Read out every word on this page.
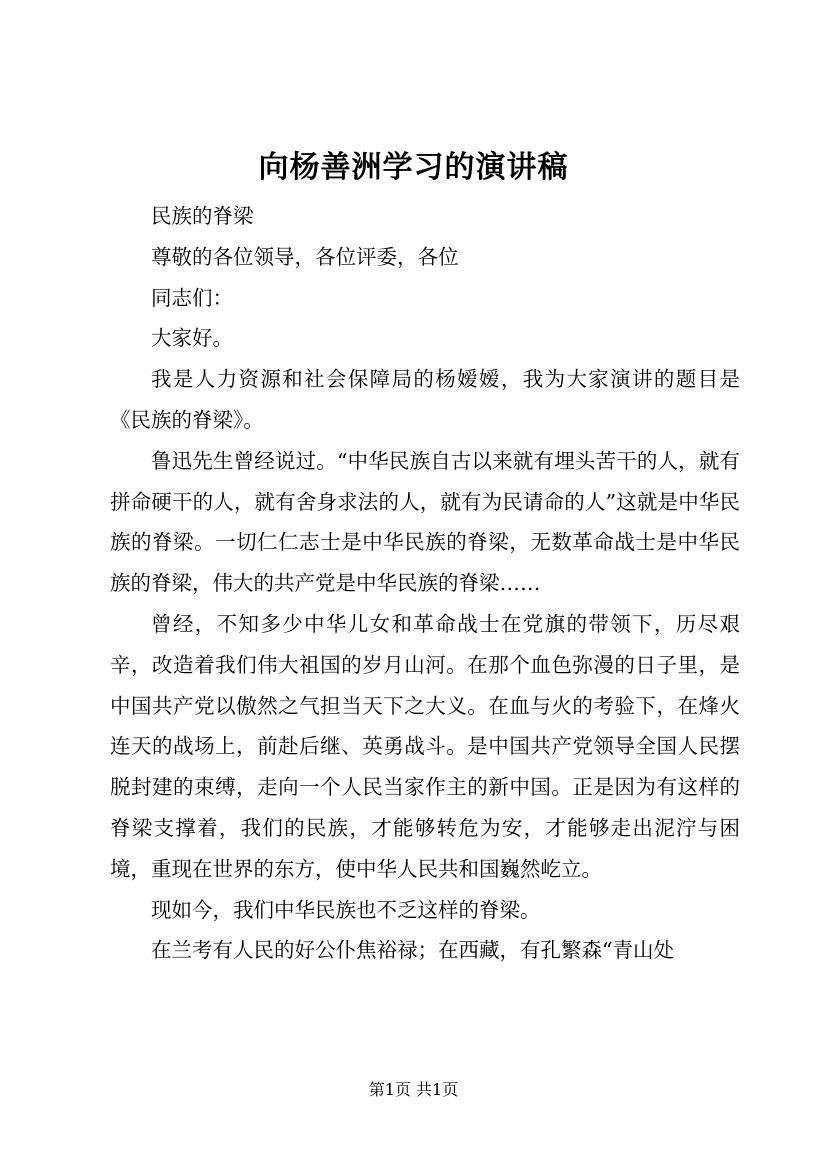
向杨善洲学习的演讲稿

民族的脊梁

尊敬的各位领导，各位评委，各位

同志们：

大家好。

我是人力资源和社会保障局的杨嫒嫒，我为大家演讲的题目是《民族的脊梁》。

鲁迅先生曾经说过。“中华民族自古以来就有埋头苦干的人，就有拼命硬干的人，就有舍身求法的人，就有为民请命的人”这就是中华民族的脊梁。一切仁仁志士是中华民族的脊梁，无数革命战士是中华民族的脊梁，伟大的共产党是中华民族的脊梁……

曾经，不知多少中华儿女和革命战士在党旗的带领下，历尽艰辛，改造着我们伟大祖国的岁月山河。在那个血色弥漫的日子里，是中国共产党以傲然之气担当天下之大义。在血与火的考验下，在烽火连天的战场上，前赴后继、英勇战斗。是中国共产党领导全国人民摆脱封建的束缚，走向一个人民当家作主的新中国。正是因为有这样的脊梁支撑着，我们的民族，才能够转危为安，才能够走出泥泞与困境，重现在世界的东方，使中华人民共和国巍然屹立。

现如今，我们中华民族也不乏这样的脊梁。

在兰考有人民的好公仆焦裕禄；在西藏，有孔繁森“青山处

第1页 共1页
